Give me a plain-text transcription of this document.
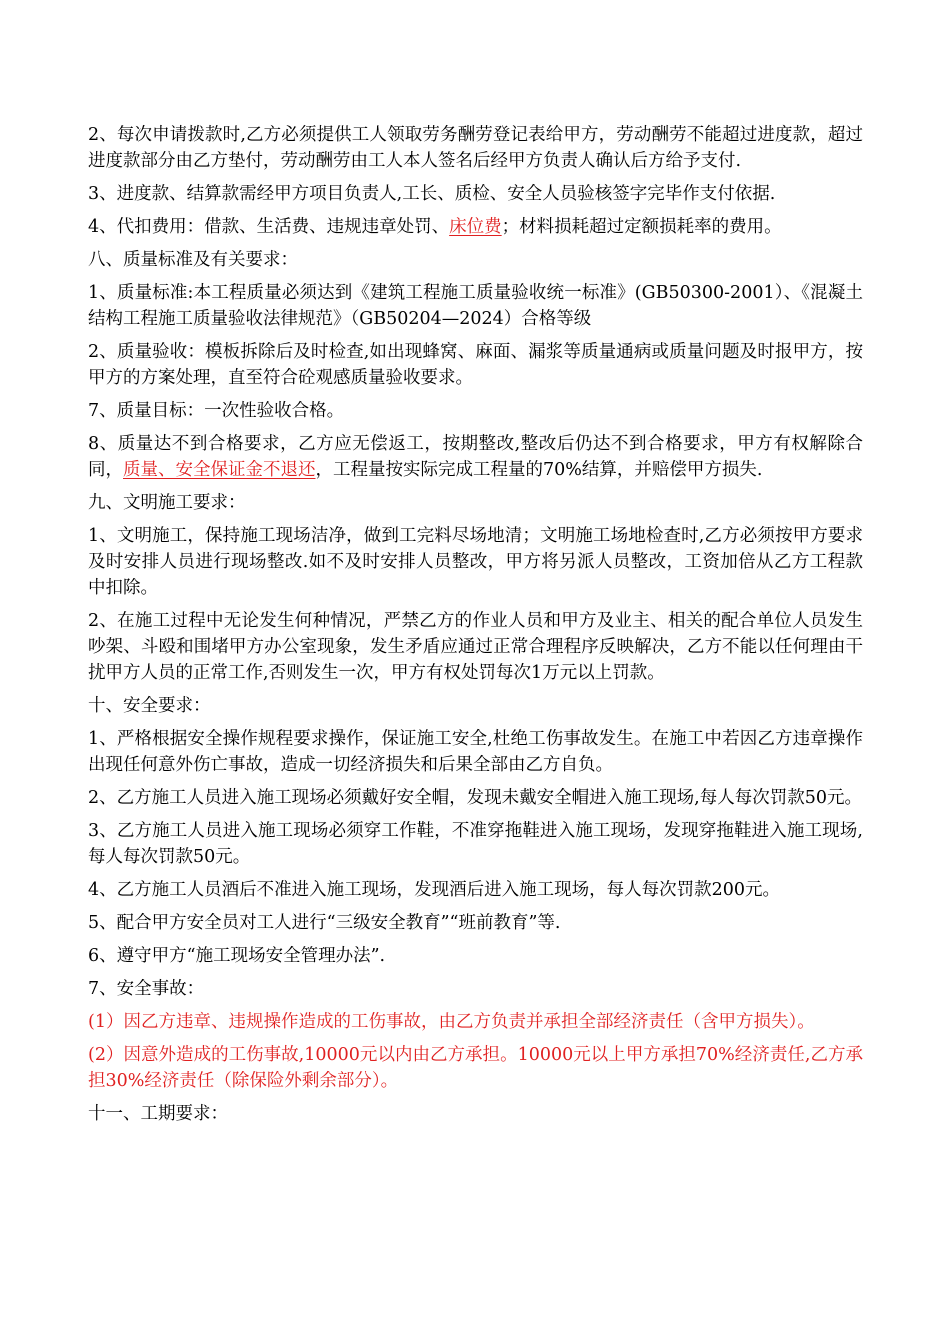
2、每次申请拨款时,乙方必须提供工人领取劳务酬劳登记表给甲方，劳动酬劳不能超过进度款，超过进度款部分由乙方垫付，劳动酬劳由工人本人签名后经甲方负责人确认后方给予支付.

3、进度款、结算款需经甲方项目负责人,工长、质检、安全人员验核签字完毕作支付依据.

4、代扣费用：借款、生活费、违规违章处罚、床位费；材料损耗超过定额损耗率的费用。

八、质量标准及有关要求：

1、质量标准:本工程质量必须达到《建筑工程施工质量验收统一标准》(GB50300-2001）、《混凝土结构工程施工质量验收法律规范》（GB50204—2024）合格等级

2、质量验收：模板拆除后及时检查,如出现蜂窝、麻面、漏浆等质量通病或质量问题及时报甲方，按甲方的方案处理，直至符合砼观感质量验收要求。

7、质量目标：一次性验收合格。

8、质量达不到合格要求，乙方应无偿返工，按期整改,整改后仍达不到合格要求，甲方有权解除合同，质量、安全保证金不退还，工程量按实际完成工程量的70%结算，并赔偿甲方损失.

九、文明施工要求：

1、文明施工，保持施工现场洁净，做到工完料尽场地清；文明施工场地检查时,乙方必须按甲方要求及时安排人员进行现场整改.如不及时安排人员整改，甲方将另派人员整改，工资加倍从乙方工程款中扣除。

2、在施工过程中无论发生何种情况，严禁乙方的作业人员和甲方及业主、相关的配合单位人员发生吵架、斗殴和围堵甲方办公室现象，发生矛盾应通过正常合理程序反映解决，乙方不能以任何理由干扰甲方人员的正常工作,否则发生一次，甲方有权处罚每次1万元以上罚款。

十、安全要求：

1、严格根据安全操作规程要求操作，保证施工安全,杜绝工伤事故发生。在施工中若因乙方违章操作出现任何意外伤亡事故，造成一切经济损失和后果全部由乙方自负。

2、乙方施工人员进入施工现场必须戴好安全帽，发现未戴安全帽进入施工现场,每人每次罚款50元。

3、乙方施工人员进入施工现场必须穿工作鞋，不准穿拖鞋进入施工现场，发现穿拖鞋进入施工现场,每人每次罚款50元。

4、乙方施工人员酒后不准进入施工现场，发现酒后进入施工现场，每人每次罚款200元。

5、配合甲方安全员对工人进行“三级安全教育”“班前教育”等.

6、遵守甲方“施工现场安全管理办法”.

7、安全事故：

(1）因乙方违章、违规操作造成的工伤事故，由乙方负责并承担全部经济责任（含甲方损失）。

(2）因意外造成的工伤事故,10000元以内由乙方承担。10000元以上甲方承担70%经济责任,乙方承担30%经济责任（除保险外剩余部分）。

十一、工期要求：
